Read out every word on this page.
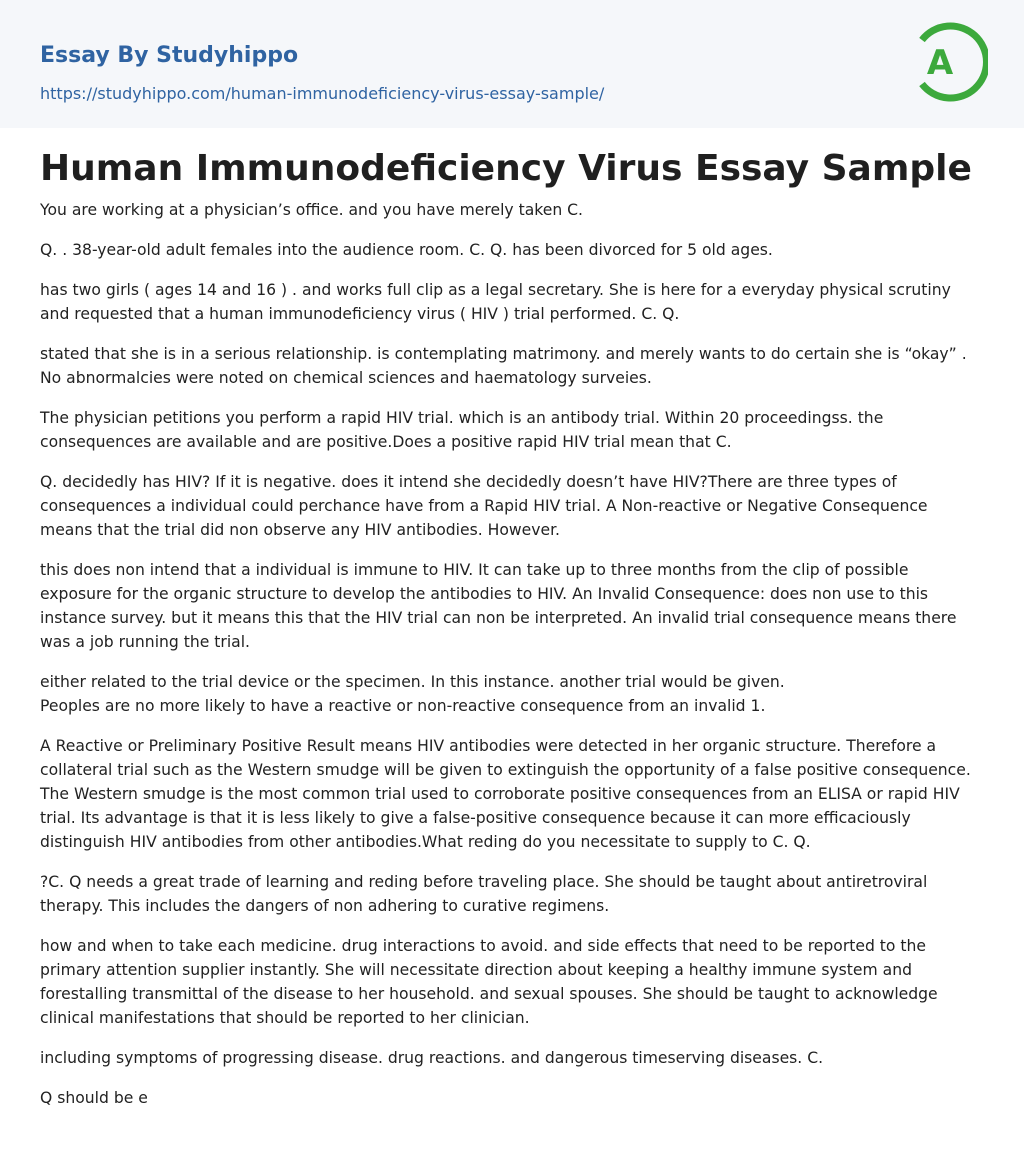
Essay By Studyhippo
https://studyhippo.com/human-immunodeficiency-virus-essay-sample/
A
Human Immunodeficiency Virus Essay Sample

You are working at a physician’s office. and you have merely taken C.

Q. . 38-year-old adult females into the audience room. C. Q. has been divorced for 5 old ages.

has two girls ( ages 14 and 16 ) . and works full clip as a legal secretary. She is here for a everyday physical scrutiny and requested that a human immunodeficiency virus ( HIV ) trial performed. C. Q.

stated that she is in a serious relationship. is contemplating matrimony. and merely wants to do certain she is “okay” . No abnormalcies were noted on chemical sciences and haematology surveies.

The physician petitions you perform a rapid HIV trial. which is an antibody trial. Within 20 proceedingss. the consequences are available and are positive.Does a positive rapid HIV trial mean that C.

Q. decidedly has HIV? If it is negative. does it intend she decidedly doesn’t have HIV?There are three types of consequences a individual could perchance have from a Rapid HIV trial. A Non-reactive or Negative Consequence means that the trial did non observe any HIV antibodies. However.

this does non intend that a individual is immune to HIV. It can take up to three months from the clip of possible exposure for the organic structure to develop the antibodies to HIV. An Invalid Consequence: does non use to this instance survey. but it means this that the HIV trial can non be interpreted. An invalid trial consequence means there was a job running the trial.

either related to the trial device or the specimen. In this instance. another trial would be given.
Peoples are no more likely to have a reactive or non-reactive consequence from an invalid 1.

A Reactive or Preliminary Positive Result means HIV antibodies were detected in her organic structure. Therefore a collateral trial such as the Western smudge will be given to extinguish the opportunity of a false positive consequence. The Western smudge is the most common trial used to corroborate positive consequences from an ELISA or rapid HIV trial. Its advantage is that it is less likely to give a false-positive consequence because it can more efficaciously distinguish HIV antibodies from other antibodies.What reding do you necessitate to supply to C. Q.

?C. Q needs a great trade of learning and reding before traveling place. She should be taught about antiretroviral therapy. This includes the dangers of non adhering to curative regimens.

how and when to take each medicine. drug interactions to avoid. and side effects that need to be reported to the primary attention supplier instantly. She will necessitate direction about keeping a healthy immune system and forestalling transmittal of the disease to her household. and sexual spouses. She should be taught to acknowledge clinical manifestations that should be reported to her clinician.

including symptoms of progressing disease. drug reactions. and dangerous timeserving diseases. C.

Q should be e
